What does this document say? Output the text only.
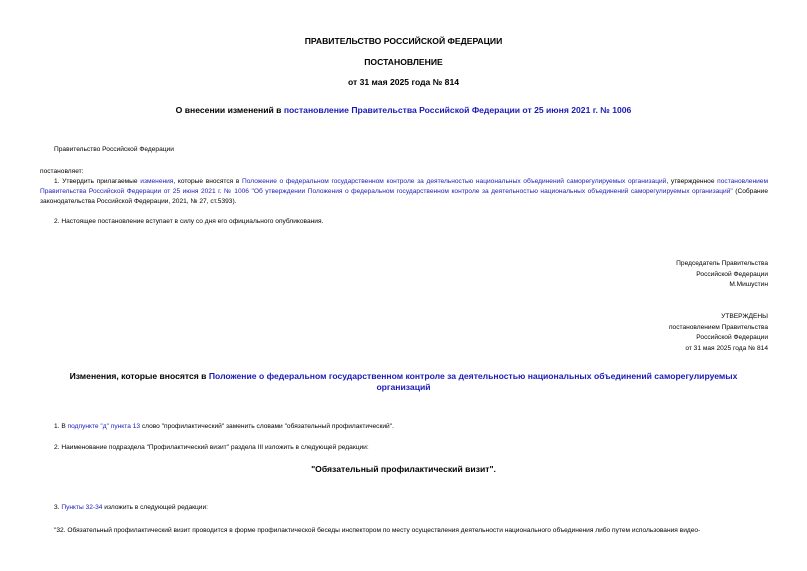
ПРАВИТЕЛЬСТВО РОССИЙСКОЙ ФЕДЕРАЦИИ
ПОСТАНОВЛЕНИЕ
от 31 мая 2025 года № 814
О внесении изменений в постановление Правительства Российской Федерации от 25 июня 2021 г. № 1006
Правительство Российской Федерации
постановляет:
1. Утвердить прилагаемые изменения, которые вносятся в Положение о федеральном государственном контроле за деятельностью национальных объединений саморегулируемых организаций, утвержденное постановлением Правительства Российской Федерации от 25 июня 2021 г. № 1006 "Об утверждении Положения о федеральном государственном контроле за деятельностью национальных объединений саморегулируемых организаций" (Собрание законодательства Российской Федерации, 2021, № 27, ст.5393).
2. Настоящее постановление вступает в силу со дня его официального опубликования.
Председатель Правительства
Российской Федерации
М.Мишустин
УТВЕРЖДЕНЫ
постановлением Правительства
Российской Федерации
от 31 мая 2025 года № 814
Изменения, которые вносятся в Положение о федеральном государственном контроле за деятельностью национальных объединений саморегулируемых организаций
1. В подпункте "д" пункта 13 слово "профилактический" заменить словами "обязательный профилактический".
2. Наименование подраздела "Профилактический визит" раздела III изложить в следующей редакции:
"Обязательный профилактический визит".
3. Пункты 32-34 изложить в следующей редакции:
"32. Обязательный профилактический визит проводится в форме профилактической беседы инспектором по месту осуществления деятельности национального объединения либо путем использования видео-
